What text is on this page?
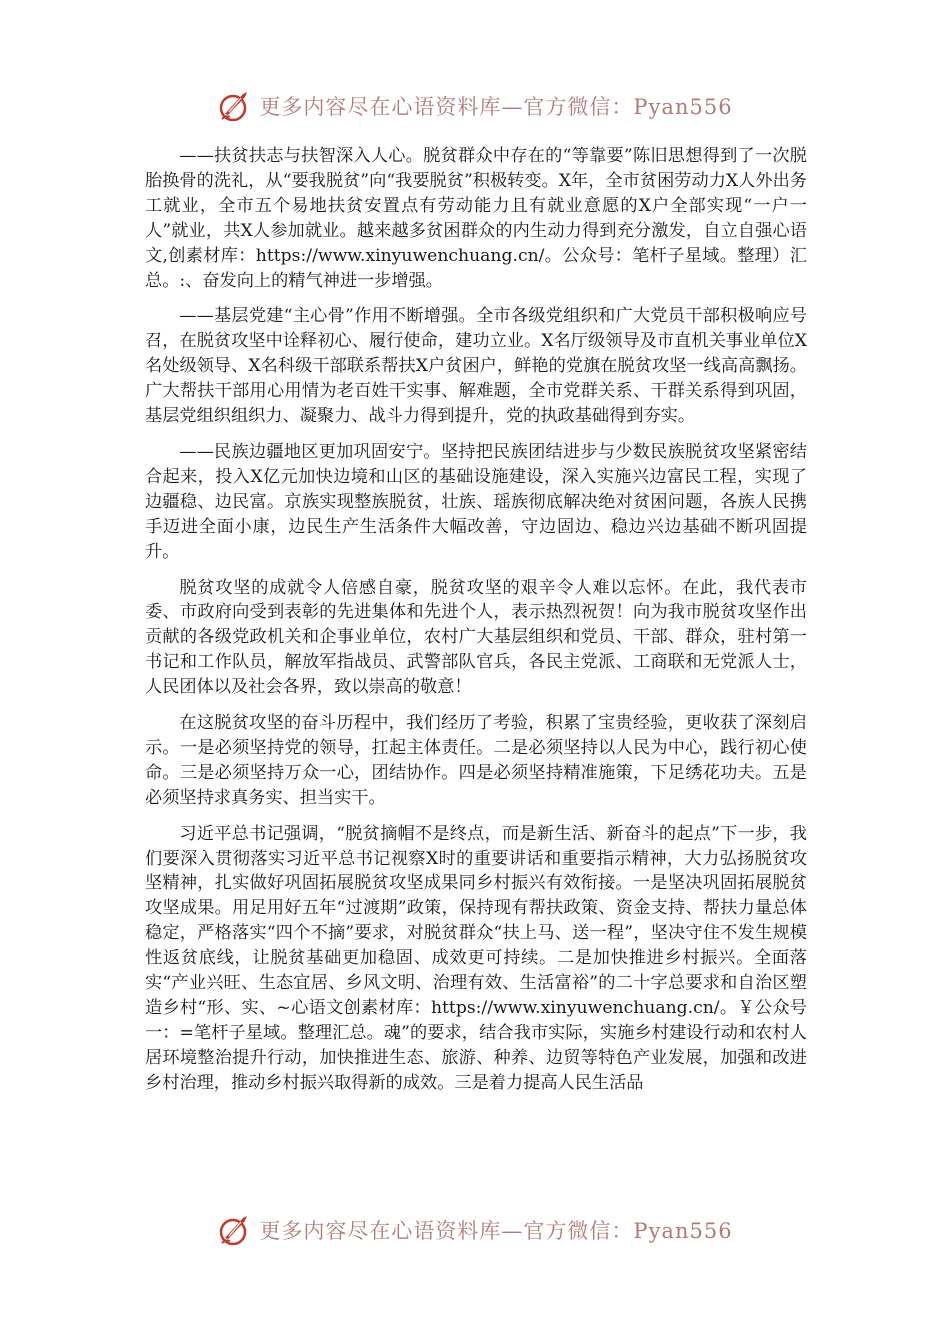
更多内容尽在心语资料库—官方微信：Pyan556

——扶贫扶志与扶智深入人心。脱贫群众中存在的“等靠要”陈旧思想得到了一次脱胎换骨的洗礼，从“要我脱贫”向“我要脱贫”积极转变。X年，全市贫困劳动力X人外出务工就业，全市五个易地扶贫安置点有劳动能力且有就业意愿的X户全部实现“一户一人”就业，共X人参加就业。越来越多贫困群众的内生动力得到充分激发，自立自强心语文,创素材库：https://www.xinyuwenchuang.cn/。公众号：笔杆子星域。整理）汇总。:、奋发向上的精气神进一步增强。

——基层党建“主心骨”作用不断增强。全市各级党组织和广大党员干部积极响应号召，在脱贫攻坚中诠释初心、履行使命，建功立业。X名厅级领导及市直机关事业单位X名处级领导、X名科级干部联系帮扶X户贫困户，鲜艳的党旗在脱贫攻坚一线高高飘扬。广大帮扶干部用心用情为老百姓干实事、解难题，全市党群关系、干群关系得到巩固，基层党组织组织力、凝聚力、战斗力得到提升，党的执政基础得到夯实。

——民族边疆地区更加巩固安宁。坚持把民族团结进步与少数民族脱贫攻坚紧密结合起来，投入X亿元加快边境和山区的基础设施建设，深入实施兴边富民工程，实现了边疆稳、边民富。京族实现整族脱贫，壮族、瑶族彻底解决绝对贫困问题，各族人民携手迈进全面小康，边民生产生活条件大幅改善，守边固边、稳边兴边基础不断巩固提升。

脱贫攻坚的成就令人倍感自豪，脱贫攻坚的艰辛令人难以忘怀。在此，我代表市委、市政府向受到表彰的先进集体和先进个人，表示热烈祝贺！向为我市脱贫攻坚作出贡献的各级党政机关和企事业单位，农村广大基层组织和党员、干部、群众，驻村第一书记和工作队员，解放军指战员、武警部队官兵，各民主党派、工商联和无党派人士，人民团体以及社会各界，致以崇高的敬意！

在这脱贫攻坚的奋斗历程中，我们经历了考验，积累了宝贵经验，更收获了深刻启示。一是必须坚持党的领导，扛起主体责任。二是必须坚持以人民为中心，践行初心使命。三是必须坚持万众一心，团结协作。四是必须坚持精准施策，下足绣花功夫。五是必须坚持求真务实、担当实干。

习近平总书记强调，“脱贫摘帽不是终点，而是新生活、新奋斗的起点”下一步，我们要深入贯彻落实习近平总书记视察X时的重要讲话和重要指示精神，大力弘扬脱贫攻坚精神，扎实做好巩固拓展脱贫攻坚成果同乡村振兴有效衔接。一是坚决巩固拓展脱贫攻坚成果。用足用好五年“过渡期”政策，保持现有帮扶政策、资金支持、帮扶力量总体稳定，严格落实“四个不摘”要求，对脱贫群众“扶上马、送一程”，坚决守住不发生规模性返贫底线，让脱贫基础更加稳固、成效更可持续。二是加快推进乡村振兴。全面落实“产业兴旺、生态宜居、乡风文明、治理有效、生活富裕”的二十字总要求和自治区塑造乡村“形、实、~心语文创素材库：https://www.xinyuwenchuang.cn/。￥公众号一：=笔杆子星域。整理汇总。魂”的要求，结合我市实际，实施乡村建设行动和农村人居环境整治提升行动，加快推进生态、旅游、种养、边贸等特色产业发展，加强和改进乡村治理，推动乡村振兴取得新的成效。三是着力提高人民生活品

更多内容尽在心语资料库—官方微信：Pyan556
